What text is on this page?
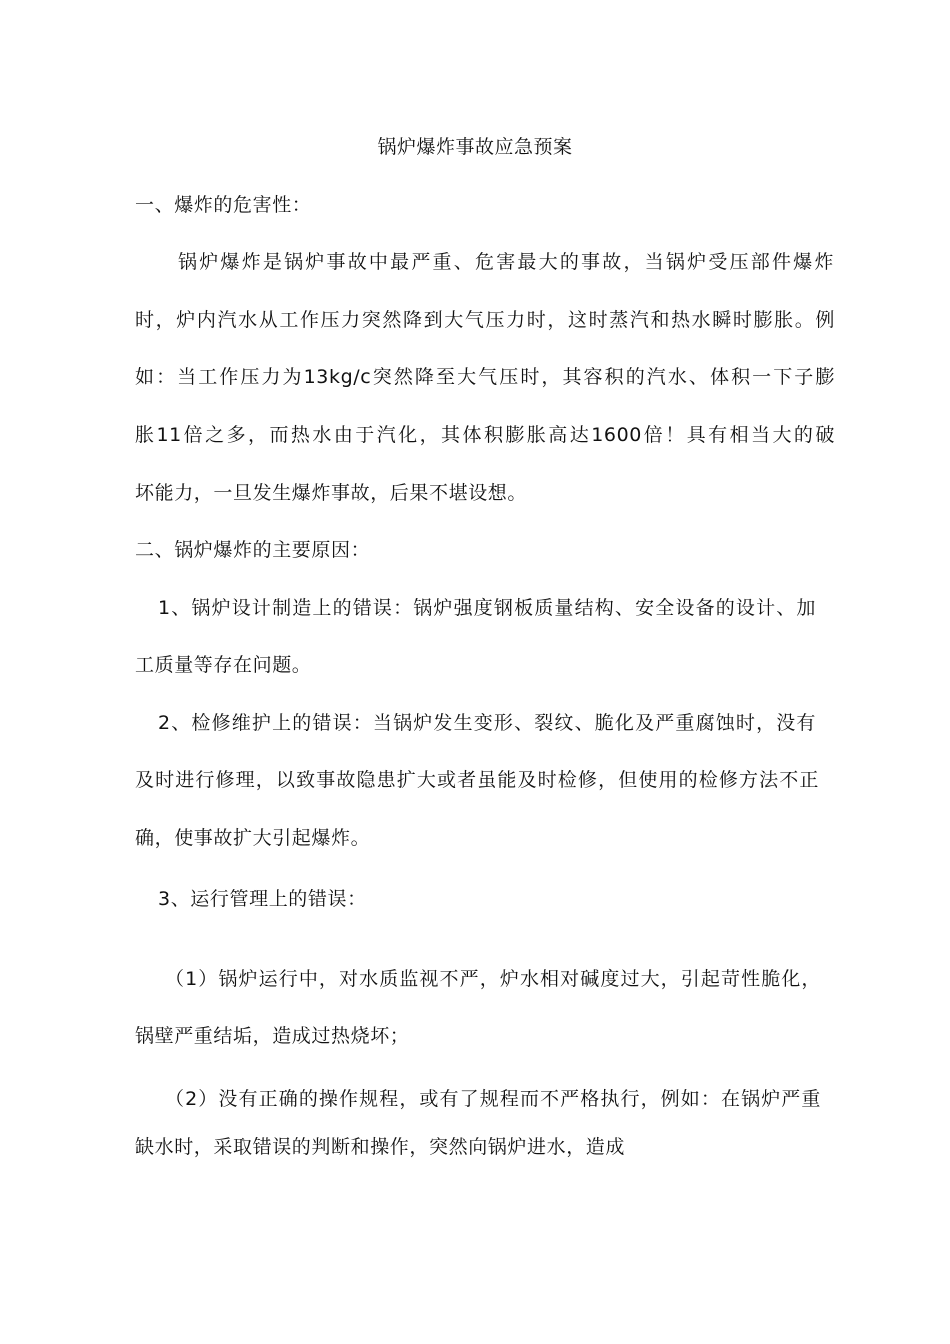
锅炉爆炸事故应急预案
一、爆炸的危害性：
锅炉爆炸是锅炉事故中最严重、危害最大的事故，当锅炉受压部件爆炸
时，炉内汽水从工作压力突然降到大气压力时，这时蒸汽和热水瞬时膨胀。例
如：当工作压力为13kg/c突然降至大气压时，其容积的汽水、体积一下子膨
胀11倍之多，而热水由于汽化，其体积膨胀高达1600倍！具有相当大的破
坏能力，一旦发生爆炸事故，后果不堪设想。
二、锅炉爆炸的主要原因：
1、锅炉设计制造上的错误：锅炉强度钢板质量结构、安全设备的设计、加
工质量等存在问题。
2、检修维护上的错误：当锅炉发生变形、裂纹、脆化及严重腐蚀时，没有
及时进行修理，以致事故隐患扩大或者虽能及时检修，但使用的检修方法不正
确，使事故扩大引起爆炸。
3、运行管理上的错误：
（1）锅炉运行中，对水质监视不严，炉水相对碱度过大，引起苛性脆化，
锅壁严重结垢，造成过热烧坏；
（2）没有正确的操作规程，或有了规程而不严格执行，例如：在锅炉严重
缺水时，采取错误的判断和操作，突然向锅炉进水，造成
